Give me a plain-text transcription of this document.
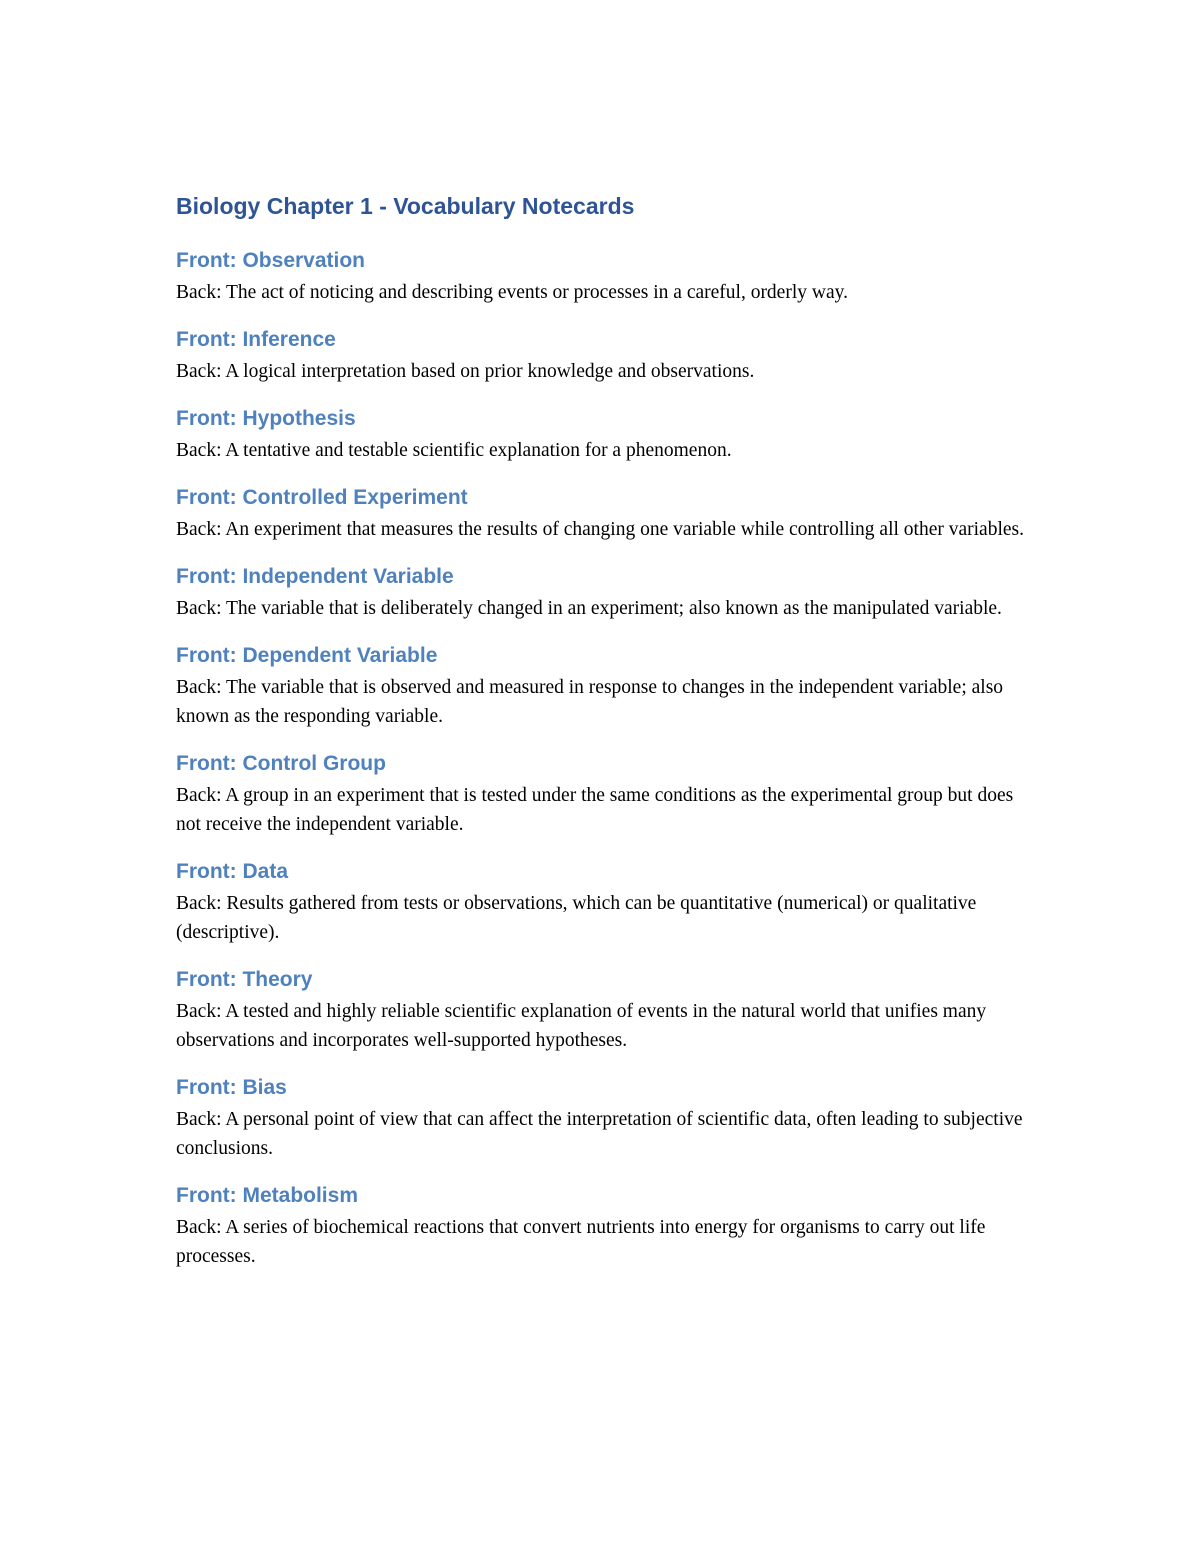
Biology Chapter 1 - Vocabulary Notecards
Front: Observation

Back: The act of noticing and describing events or processes in a careful, orderly way.

Front: Inference

Back: A logical interpretation based on prior knowledge and observations.

Front: Hypothesis

Back: A tentative and testable scientific explanation for a phenomenon.

Front: Controlled Experiment

Back: An experiment that measures the results of changing one variable while controlling all other variables.

Front: Independent Variable

Back: The variable that is deliberately changed in an experiment; also known as the manipulated variable.

Front: Dependent Variable

Back: The variable that is observed and measured in response to changes in the independent variable; also known as the responding variable.

Front: Control Group

Back: A group in an experiment that is tested under the same conditions as the experimental group but does not receive the independent variable.

Front: Data

Back: Results gathered from tests or observations, which can be quantitative (numerical) or qualitative (descriptive).

Front: Theory

Back: A tested and highly reliable scientific explanation of events in the natural world that unifies many observations and incorporates well-supported hypotheses.

Front: Bias

Back: A personal point of view that can affect the interpretation of scientific data, often leading to subjective conclusions.

Front: Metabolism

Back: A series of biochemical reactions that convert nutrients into energy for organisms to carry out life processes.
